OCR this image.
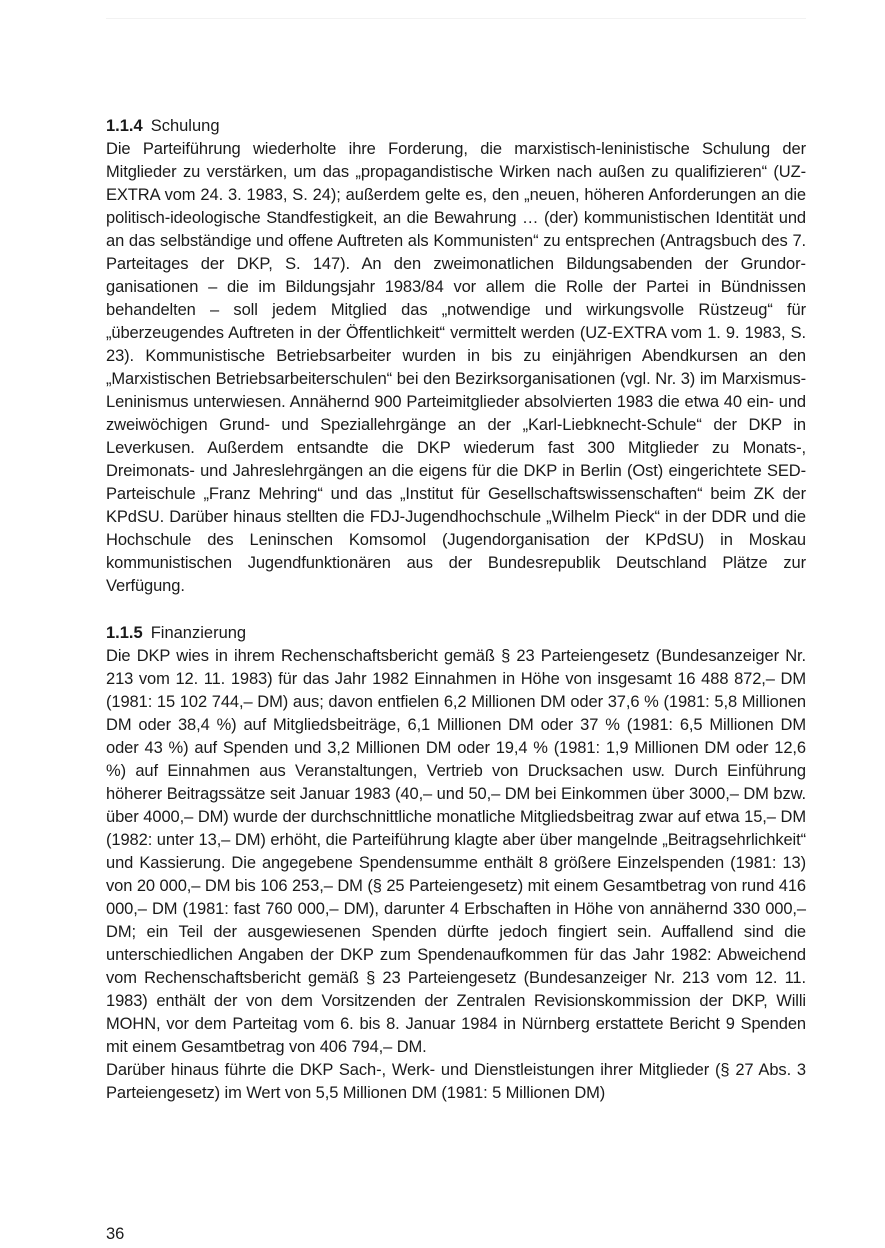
1.1.4 Schulung

Die Parteiführung wiederholte ihre Forderung, die marxistisch-leninistische Schulung der Mitglieder zu verstärken, um das „propagandistische Wirken nach außen zu qualifizieren“ (UZ-EXTRA vom 24. 3. 1983, S. 24); außerdem gelte es, den „neuen, höheren Anforderungen an die politisch-ideologische Standfestigkeit, an die Bewahrung … (der) kommunistischen Identität und an das selbständige und offene Auftreten als Kommunisten“ zu entsprechen (Antragsbuch des 7. Parteitages der DKP, S. 147). An den zweimonatlichen Bildungsabenden der Grundorganisationen – die im Bildungsjahr 1983/84 vor allem die Rolle der Partei in Bündnissen behandelten – soll jedem Mitglied das „notwendige und wirkungsvolle Rüstzeug“ für „überzeugendes Auftreten in der Öffentlichkeit“ vermittelt werden (UZ-EXTRA vom 1. 9. 1983, S. 23). Kommunistische Betriebsarbeiter wurden in bis zu einjährigen Abendkursen an den „Marxistischen Betriebsarbeiterschulen“ bei den Bezirksorganisationen (vgl. Nr. 3) im Marxismus-Leninismus unterwiesen. Annähernd 900 Parteimitglieder absolvierten 1983 die etwa 40 ein- und zweiwöchigen Grund- und Speziallehrgänge an der „Karl-Liebknecht-Schule“ der DKP in Leverkusen. Außerdem entsandte die DKP wiederum fast 300 Mitglieder zu Monats-, Dreimonats- und Jahreslehrgängen an die eigens für die DKP in Berlin (Ost) eingerichtete SED-Parteischule „Franz Mehring“ und das „Institut für Gesellschaftswissenschaften“ beim ZK der KPdSU. Darüber hinaus stellten die FDJ-Jugendhochschule „Wilhelm Pieck“ in der DDR und die Hochschule des Leninschen Komsomol (Jugendorganisation der KPdSU) in Moskau kommunistischen Jugendfunktionären aus der Bundesrepublik Deutschland Plätze zur Verfügung.

1.1.5 Finanzierung

Die DKP wies in ihrem Rechenschaftsbericht gemäß § 23 Parteiengesetz (Bundesanzeiger Nr. 213 vom 12. 11. 1983) für das Jahr 1982 Einnahmen in Höhe von insgesamt 16 488 872,– DM (1981: 15 102 744,– DM) aus; davon entfielen 6,2 Millionen DM oder 37,6 % (1981: 5,8 Millionen DM oder 38,4 %) auf Mitgliedsbeiträge, 6,1 Millionen DM oder 37 % (1981: 6,5 Millionen DM oder 43 %) auf Spenden und 3,2 Millionen DM oder 19,4 % (1981: 1,9 Millionen DM oder 12,6 %) auf Einnahmen aus Veranstaltungen, Vertrieb von Drucksachen usw. Durch Einführung höherer Beitragssätze seit Januar 1983 (40,– und 50,– DM bei Einkommen über 3000,– DM bzw. über 4000,– DM) wurde der durchschnittliche monatliche Mitgliedsbeitrag zwar auf etwa 15,– DM (1982: unter 13,– DM) erhöht, die Parteiführung klagte aber über mangelnde „Beitragsehrlichkeit“ und Kassierung. Die angegebene Spendensumme enthält 8 größere Einzelspenden (1981: 13) von 20 000,– DM bis 106 253,– DM (§ 25 Parteiengesetz) mit einem Gesamtbetrag von rund 416 000,– DM (1981: fast 760 000,– DM), darunter 4 Erbschaften in Höhe von annähernd 330 000,– DM; ein Teil der ausgewiesenen Spenden dürfte jedoch fingiert sein. Auffallend sind die unterschiedlichen Angaben der DKP zum Spendenaufkommen für das Jahr 1982: Abweichend vom Rechenschaftsbericht gemäß § 23 Parteiengesetz (Bundesanzeiger Nr. 213 vom 12. 11. 1983) enthält der von dem Vorsitzenden der Zentralen Revisionskommission der DKP, Willi MOHN, vor dem Parteitag vom 6. bis 8. Januar 1984 in Nürnberg erstattete Bericht 9 Spenden mit einem Gesamtbetrag von 406 794,– DM.

Darüber hinaus führte die DKP Sach-, Werk- und Dienstleistungen ihrer Mitglieder (§ 27 Abs. 3 Parteiengesetz) im Wert von 5,5 Millionen DM (1981: 5 Millionen DM)

36
